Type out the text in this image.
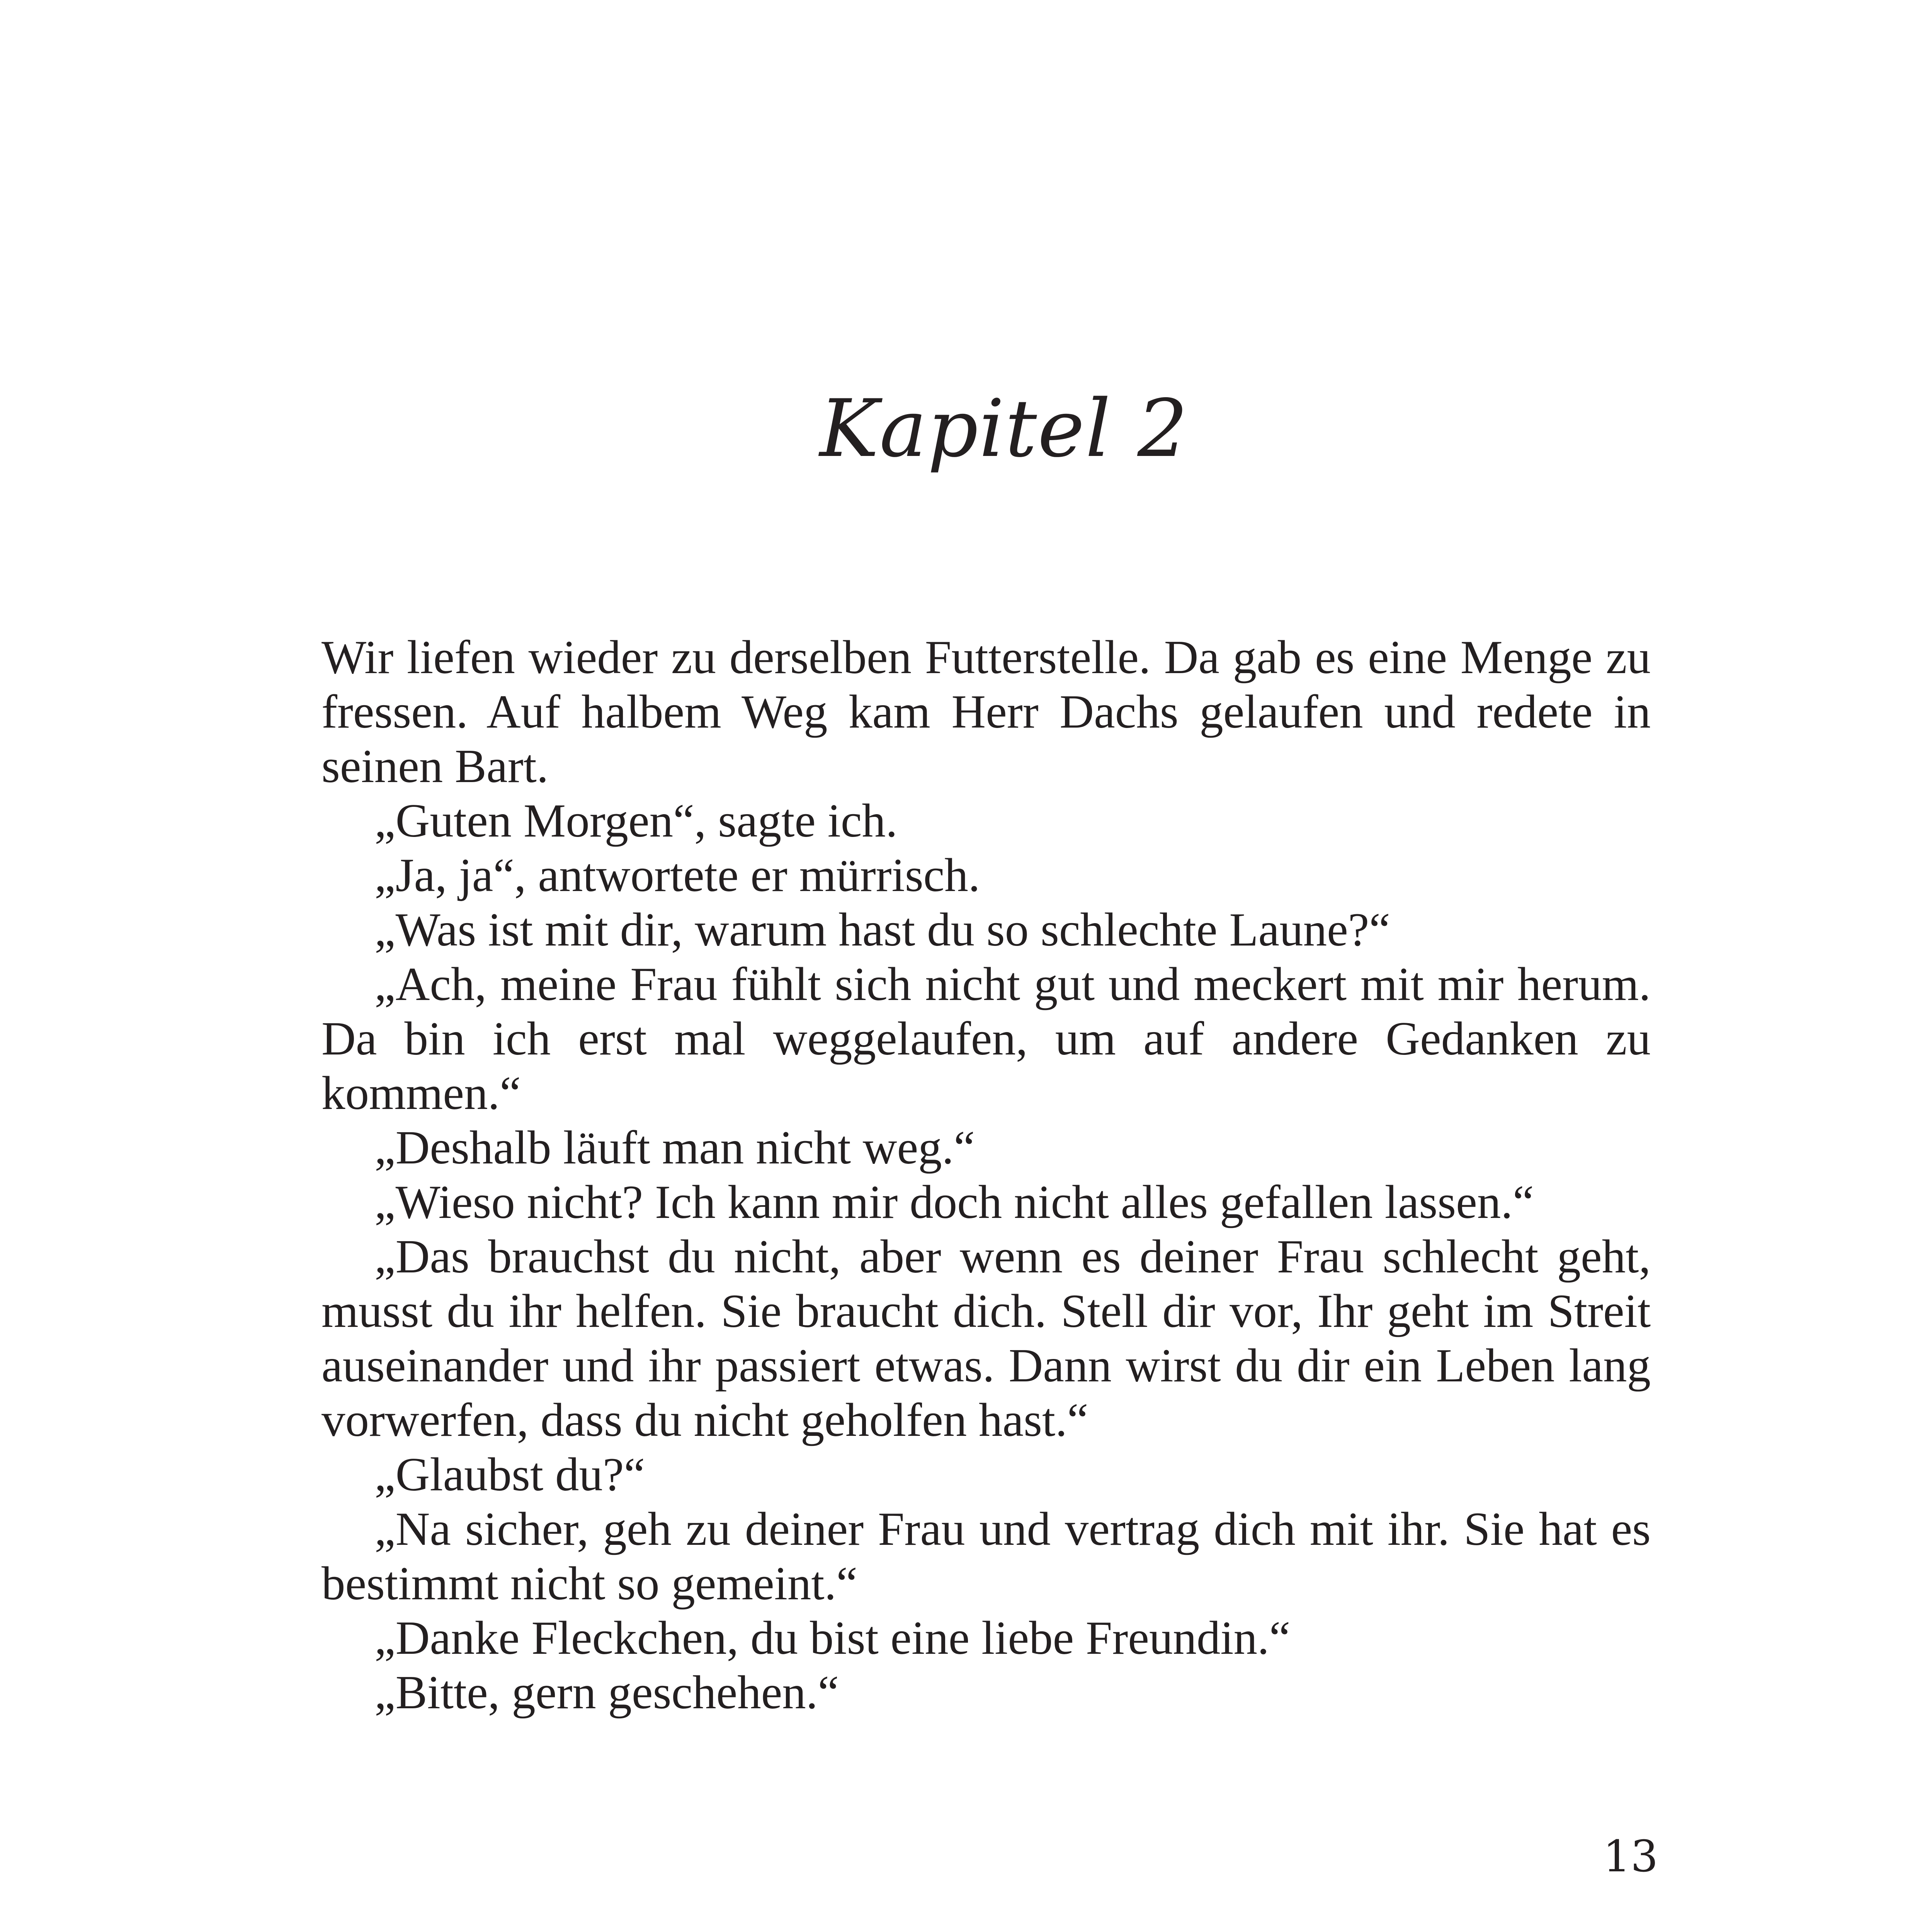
Kapitel 2

Wir liefen wieder zu derselben Futterstelle. Da gab es eine Menge zu fressen. Auf halbem Weg kam Herr Dachs gelaufen und redete in seinen Bart.

„Guten Morgen“, sagte ich.

„Ja, ja“, antwortete er mürrisch.

„Was ist mit dir, warum hast du so schlechte Laune?“

„Ach, meine Frau fühlt sich nicht gut und meckert mit mir herum. Da bin ich erst mal weggelaufen, um auf andere Gedanken zu kommen.“

„Deshalb läuft man nicht weg.“

„Wieso nicht? Ich kann mir doch nicht alles gefallen lassen.“

„Das brauchst du nicht, aber wenn es deiner Frau schlecht geht, musst du ihr helfen. Sie braucht dich. Stell dir vor, Ihr geht im Streit auseinander und ihr passiert etwas. Dann wirst du dir ein Leben lang vorwerfen, dass du nicht geholfen hast.“

„Glaubst du?“

„Na sicher, geh zu deiner Frau und vertrag dich mit ihr. Sie hat es bestimmt nicht so gemeint.“

„Danke Fleckchen, du bist eine liebe Freundin.“

„Bitte, gern geschehen.“

13
